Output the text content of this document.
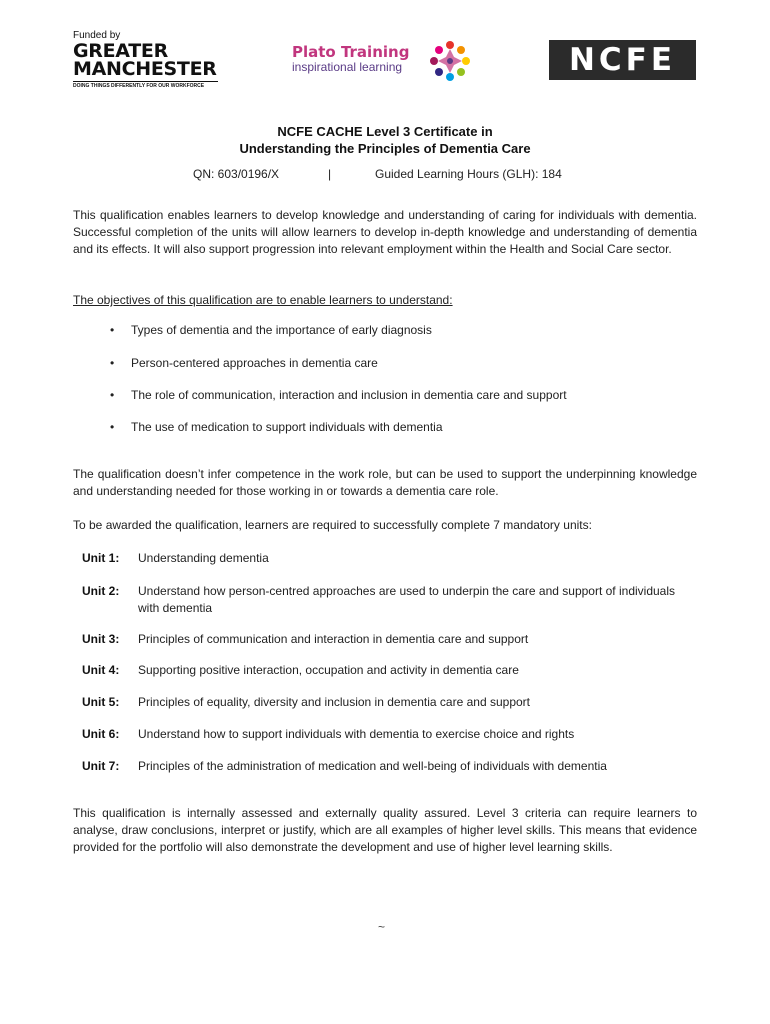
Funded by
GREATER
MANCHESTER
DOING THINGS DIFFERENTLY FOR OUR WORKFORCE
Plato Training
inspirational learning	NCFE
NCFE CACHE Level 3 Certificate in
Understanding the Principles of Dementia Care
QN: 603/0196/X	|	Guided Learning Hours (GLH): 184
This qualification enables learners to develop knowledge and understanding of caring for individuals with dementia. Successful completion of the units will allow learners to develop in-depth knowledge and understanding of dementia and its effects. It will also support progression into relevant employment within the Health and Social Care sector.
The objectives of this qualification are to enable learners to understand:
• Types of dementia and the importance of early diagnosis
• Person-centered approaches in dementia care
• The role of communication, interaction and inclusion in dementia care and support
• The use of medication to support individuals with dementia
The qualification doesn’t infer competence in the work role, but can be used to support the underpinning knowledge and understanding needed for those working in or towards a dementia care role.
To be awarded the qualification, learners are required to successfully complete 7 mandatory units:
Unit 1: Understanding dementia
Unit 2: Understand how person-centred approaches are used to underpin the care and support of individuals with dementia
Unit 3: Principles of communication and interaction in dementia care and support
Unit 4: Supporting positive interaction, occupation and activity in dementia care
Unit 5: Principles of equality, diversity and inclusion in dementia care and support
Unit 6: Understand how to support individuals with dementia to exercise choice and rights
Unit 7: Principles of the administration of medication and well-being of individuals with dementia
This qualification is internally assessed and externally quality assured. Level 3 criteria can require learners to analyse, draw conclusions, interpret or justify, which are all examples of higher level skills. This means that evidence provided for the portfolio will also demonstrate the development and use of higher level learning skills.
~
